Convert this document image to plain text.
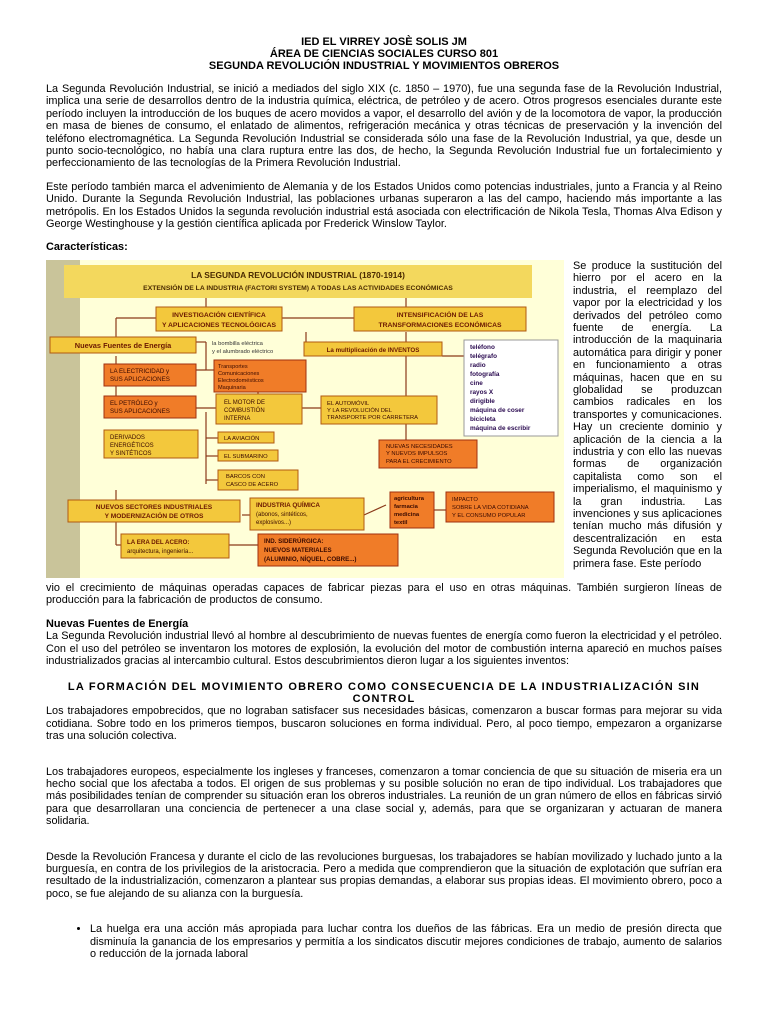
IED EL VIRREY JOSÈ SOLIS JM
ÁREA DE CIENCIAS SOCIALES CURSO 801
SEGUNDA REVOLUCIÓN INDUSTRIAL Y MOVIMIENTOS OBREROS

La Segunda Revolución Industrial, se inició a mediados del siglo XIX (c. 1850 – 1970), fue una segunda fase de la Revolución Industrial, implica una serie de desarrollos dentro de la industria química, eléctrica, de petróleo y de acero. Otros progresos esenciales durante este período incluyen la introducción de los buques de acero movidos a vapor, el desarrollo del avión y de la locomotora de vapor, la producción en masa de bienes de consumo, el enlatado de alimentos, refrigeración mecánica y otras técnicas de preservación y la invención del teléfono electromagnética. La Segunda Revolución Industrial se considerada sólo una fase de la Revolución Industrial, ya que, desde un punto socio-tecnológico, no había una clara ruptura entre las dos, de hecho, la Segunda Revolución Industrial fue un fortalecimiento y perfeccionamiento de las tecnologías de la Primera Revolución Industrial.

Este período también marca el advenimiento de Alemania y de los Estados Unidos como potencias industriales, junto a Francia y al Reino Unido. Durante la Segunda Revolución Industrial, las poblaciones urbanas superaron a las del campo, haciendo más importante a las metrópolis. En los Estados Unidos la segunda revolución industrial está asociada con electrificación de Nikola Tesla, Thomas Alva Edison y George Westinghouse y la gestión científica aplicada por Frederick Winslow Taylor.

Características:
LA SEGUNDA REVOLUCIÓN INDUSTRIAL (1870-1914)
EXTENSIÓN DE LA INDUSTRIA (FACTORI SYSTEM) A TODAS LAS ACTIVIDADES ECONÓMICAS
INVESTIGACIÓN CIENTÍFICA
Y APLICACIONES TECNOLÓGICAS
INTENSIFICACIÓN DE LAS
TRANSFORMACIONES ECONÓMICAS
Nuevas Fuentes de Energía	la bombilla eléctrica
y el alumbrado eléctrico	La multiplicación de INVENTOS	teléfono
telégrafo
radio
fotografía
cine
rayos X
dirigible
máquina de coser
bicicleta
máquina de escribir
Transportes
Comunicaciones
Electrodomésticos
Maquinaria
LA ELECTRICIDAD y
SUS APLICACIONES
EL PETRÓLEO y
SUS APLICACIONES
EL MOTOR DE
COMBUSTIÓN
INTERNA
EL AUTOMÓVIL
Y LA REVOLUCIÓN DEL
TRANSPORTE POR CARRETERA
DERIVADOS
ENERGÉTICOS
Y SINTÉTICOS
LA AVIACIÓN
EL SUBMARINO
BARCOS CON
CASCO DE ACERO
NUEVAS NECESIDADES
Y NUEVOS IMPULSOS
PARA EL CRECIMIENTO
NUEVOS SECTORES INDUSTRIALES
Y MODERNIZACIÓN DE OTROS
INDUSTRIA QUÍMICA
(abonos, sintéticos,
explosivos...)
agricultura
farmacia
medicina
textil
IMPACTO
SOBRE LA VIDA COTIDIANA
Y EL CONSUMO POPULAR
LA ERA DEL ACERO:
arquitectura, ingeniería...
IND. SIDERÚRGICA:
NUEVOS MATERIALES
(ALUMINIO, NÍQUEL, COBRE...)

Se produce la sustitución del hierro por el acero en la industria, el reemplazo del vapor por la electricidad y los derivados del petróleo como fuente de energía. La introducción de la maquinaria automática para dirigir y poner en funcionamiento a otras máquinas, hacen que en su globalidad se produzcan cambios radicales en los transportes y comunicaciones. Hay un creciente dominio y aplicación de la ciencia a la industria y con ello las nuevas formas de organización capitalista como son el imperialismo, el maquinismo y la gran industria. Las invenciones y sus aplicaciones tenían mucho más difusión y descentralización en esta Segunda Revolución que en la primera fase. Este período

vio el crecimiento de máquinas operadas capaces de fabricar piezas para el uso en otras máquinas. También surgieron líneas de producción para la fabricación de productos de consumo.

Nuevas Fuentes de Energía

La Segunda Revolución industrial llevó al hombre al descubrimiento de nuevas fuentes de energía como fueron la electricidad y el petróleo. Con el uso del petróleo se inventaron los motores de explosión, la evolución del motor de combustión interna apareció en muchos países industrializados gracias al intercambio cultural. Estos descubrimientos dieron lugar a los siguientes inventos:

LA FORMACIÓN DEL MOVIMIENTO OBRERO COMO CONSECUENCIA DE LA INDUSTRIALIZACIÓN SIN CONTROL

Los trabajadores empobrecidos, que no lograban satisfacer sus necesidades básicas, comenzaron a buscar formas para mejorar su vida cotidiana. Sobre todo en los primeros tiempos, buscaron soluciones en forma individual. Pero, al poco tiempo, empezaron a organizarse tras una solución colectiva.

Los trabajadores europeos, especialmente los ingleses y franceses, comenzaron a tomar conciencia de que su situación de miseria era un hecho social que los afectaba a todos. El origen de sus problemas y su posible solución no eran de tipo individual. Los trabajadores que más posibilidades tenían de comprender su situación eran los obreros industriales. La reunión de un gran número de ellos en fábricas sirvió para que desarrollaran una conciencia de pertenecer a una clase social y, además, para que se organizaran y actuaran de manera solidaria.

Desde la Revolución Francesa y durante el ciclo de las revoluciones burguesas, los trabajadores se habían movilizado y luchado junto a la burguesía, en contra de los privilegios de la aristocracia. Pero a medida que comprendieron que la situación de explotación que sufrían era resultado de la industrialización, comenzaron a plantear sus propias demandas, a elaborar sus propias ideas. El movimiento obrero, poco a poco, se fue alejando de su alianza con la burguesía.

• La huelga era una acción más apropiada para luchar contra los dueños de las fábricas. Era un medio de presión directa que disminuía la ganancia de los empresarios y permitía a los sindicatos discutir mejores condiciones de trabajo, aumento de salarios o reducción de la jornada laboral
